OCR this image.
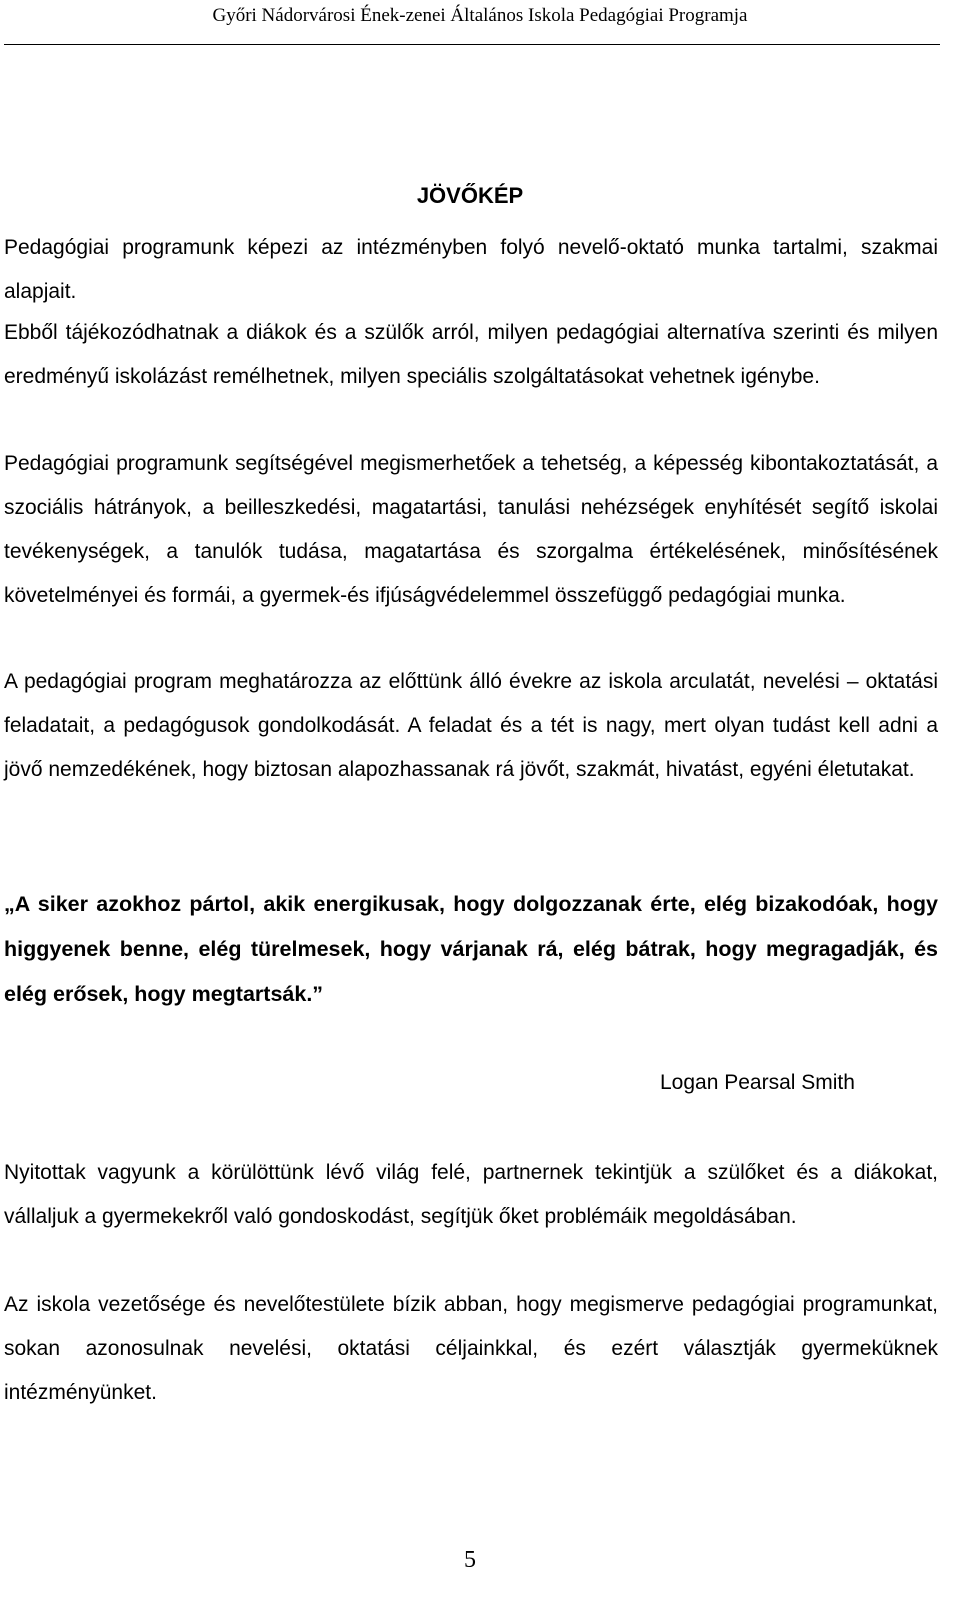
Győri Nádorvárosi Ének-zenei Általános Iskola Pedagógiai Programja
JÖVŐKÉP

Pedagógiai programunk képezi az intézményben folyó nevelő-oktató munka tartalmi, szakmai alapjait.

Ebből tájékozódhatnak a diákok és a szülők arról, milyen pedagógiai alternatíva szerinti és milyen eredményű iskolázást remélhetnek, milyen speciális szolgáltatásokat vehetnek igénybe.

Pedagógiai programunk segítségével megismerhetőek a tehetség, a képesség kibontakoztatását, a szociális hátrányok, a beilleszkedési, magatartási, tanulási nehézségek enyhítését segítő iskolai tevékenységek, a tanulók tudása, magatartása és szorgalma értékelésének, minősítésének követelményei és formái, a gyermek-és ifjúságvédelemmel összefüggő pedagógiai munka.

A pedagógiai program meghatározza az előttünk álló évekre az iskola arculatát, nevelési – oktatási feladatait, a pedagógusok gondolkodását. A feladat és a tét is nagy, mert olyan tudást kell adni a jövő nemzedékének, hogy biztosan alapozhassanak rá jövőt, szakmát, hivatást, egyéni életutakat.

„A siker azokhoz pártol, akik energikusak, hogy dolgozzanak érte, elég bizakodóak, hogy higgyenek benne, elég türelmesek, hogy várjanak rá, elég bátrak, hogy megragadják, és elég erősek, hogy megtartsák.”

Logan Pearsal Smith

Nyitottak vagyunk a körülöttünk lévő világ felé, partnernek tekintjük a szülőket és a diákokat, vállaljuk a gyermekekről való gondoskodást, segítjük őket problémáik megoldásában.

Az iskola vezetősége és nevelőtestülete bízik abban, hogy megismerve pedagógiai programunkat, sokan azonosulnak nevelési, oktatási céljainkkal, és ezért választják gyermeküknek intézményünket.

5
